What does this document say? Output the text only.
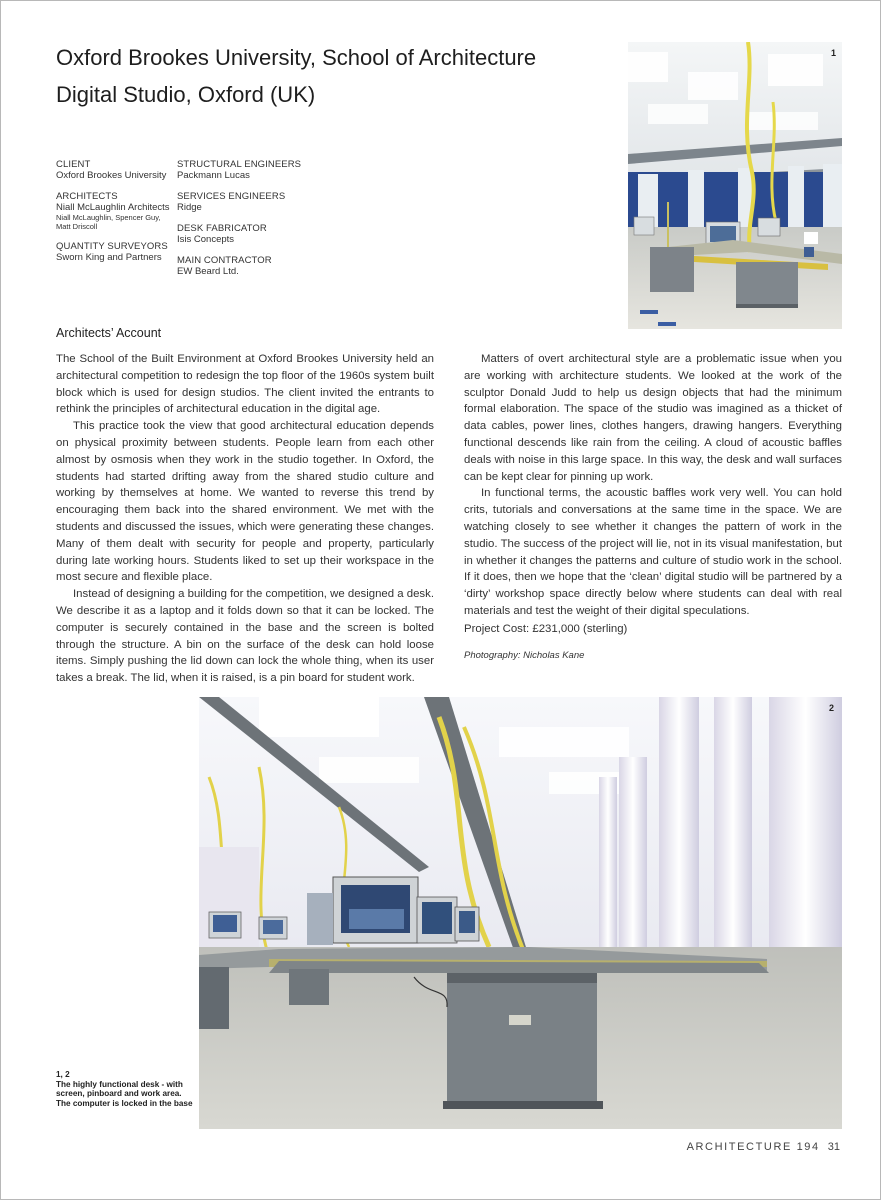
Oxford Brookes University, School of Architecture
Digital Studio, Oxford (UK)
CLIENT
Oxford Brookes University
ARCHITECTS
Niall McLaughlin Architects
Niall McLaughlin, Spencer Guy,
Matt Driscoll
QUANTITY SURVEYORS
Sworn King and Partners
STRUCTURAL ENGINEERS
Packmann Lucas
SERVICES ENGINEERS
Ridge
DESK FABRICATOR
Isis Concepts
MAIN CONTRACTOR
EW Beard Ltd.
1
Architects’ Account

The School of the Built Environment at Oxford Brookes University held an architectural competition to redesign the top floor of the 1960s system built block which is used for design studios. The client invited the entrants to rethink the principles of architectural education in the digital age.

This practice took the view that good architectural education depends on physical proximity between students. People learn from each other almost by osmosis when they work in the studio together. In Oxford, the students had started drifting away from the shared studio culture and working by themselves at home. We wanted to reverse this trend by encouraging them back into the shared environment. We met with the students and discussed the issues, which were generating these changes. Many of them dealt with security for people and property, particularly during late working hours. Students liked to set up their workspace in the most secure and flexible place.

Instead of designing a building for the competition, we designed a desk. We describe it as a laptop and it folds down so that it can be locked. The computer is securely contained in the base and the screen is bolted through the structure. A bin on the surface of the desk can hold loose items. Simply pushing the lid down can lock the whole thing, when its user takes a break. The lid, when it is raised, is a pin board for student work.

Matters of overt architectural style are a problematic issue when you are working with architecture students. We looked at the work of the sculptor Donald Judd to help us design objects that had the minimum formal elaboration. The space of the studio was imagined as a thicket of data cables, power lines, clothes hangers, drawing hangers. Everything functional descends like rain from the ceiling. A cloud of acoustic baffles deals with noise in this large space. In this way, the desk and wall surfaces can be kept clear for pinning up work.

In functional terms, the acoustic baffles work very well. You can hold crits, tutorials and conversations at the same time in the space. We are watching closely to see whether it changes the pattern of work in the studio. The success of the project will lie, not in its visual manifestation, but in whether it changes the patterns and culture of studio work in the school. If it does, then we hope that the ‘clean’ digital studio will be partnered by a ‘dirty’ workshop space directly below where students can deal with real materials and test the weight of their digital speculations.

Project Cost: £231,000 (sterling)

Photography: Nicholas Kane

2
1, 2
The highly functional desk - with screen, pinboard and work area. The computer is locked in the base
ARCHITECTURE 194 31
